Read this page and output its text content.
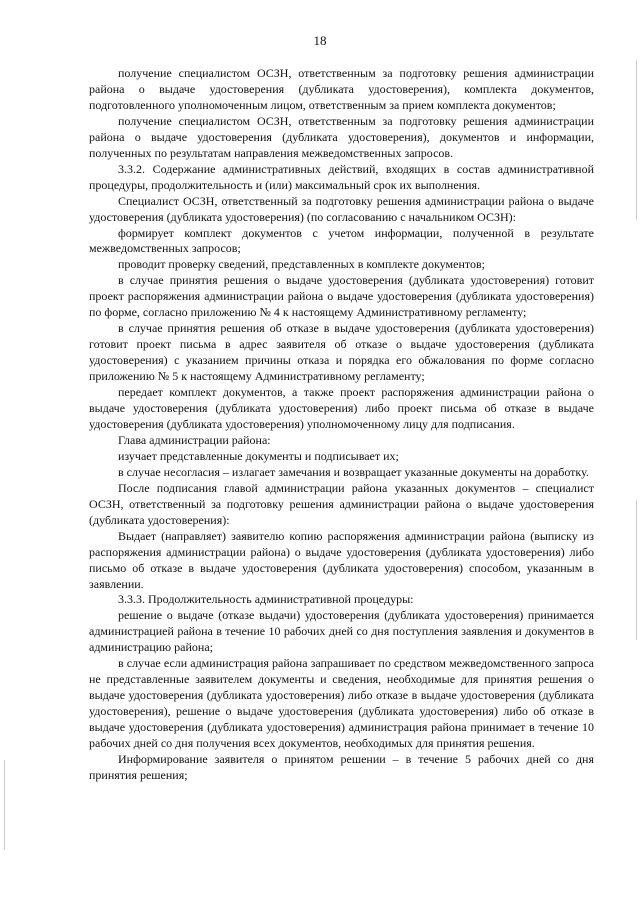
18

получение специалистом ОСЗН, ответственным за подготовку решения администрации района о выдаче удостоверения (дубликата удостоверения), комплекта документов, подготовленного уполномоченным лицом, ответственным за прием комплекта документов;

получение специалистом ОСЗН, ответственным за подготовку решения администрации района о выдаче удостоверения (дубликата удостоверения), документов и информации, полученных по результатам направления межведомственных запросов.

3.3.2. Содержание административных действий, входящих в состав административной процедуры, продолжительность и (или) максимальный срок их выполнения.

Специалист ОСЗН, ответственный за подготовку решения администрации района о выдаче удостоверения (дубликата удостоверения) (по согласованию с начальником ОСЗН):

формирует комплект документов с учетом информации, полученной в результате межведомственных запросов;

проводит проверку сведений, представленных в комплекте документов;

в случае принятия решения о выдаче удостоверения (дубликата удостоверения) готовит проект распоряжения администрации района о выдаче удостоверения (дубликата удостоверения) по форме, согласно приложению № 4 к настоящему Административному регламенту;

в случае принятия решения об отказе в выдаче удостоверения (дубликата удостоверения) готовит проект письма в адрес заявителя об отказе о выдаче удостоверения (дубликата удостоверения) с указанием причины отказа и порядка его обжалования по форме согласно приложению № 5 к настоящему Административному регламенту;

передает комплект документов, а также проект распоряжения администрации района о выдаче удостоверения (дубликата удостоверения) либо проект письма об отказе в выдаче удостоверения (дубликата удостоверения) уполномоченному лицу для подписания.

Глава администрации района:

изучает представленные документы и подписывает их;

в случае несогласия – излагает замечания и возвращает указанные документы на доработку.

После подписания главой администрации района указанных документов – специалист ОСЗН, ответственный за подготовку решения администрации района о выдаче удостоверения (дубликата удостоверения):

Выдает (направляет) заявителю копию распоряжения администрации района (выписку из распоряжения администрации района) о выдаче удостоверения (дубликата удостоверения) либо письмо об отказе в выдаче удостоверения (дубликата удостоверения) способом, указанным в заявлении.

3.3.3. Продолжительность административной процедуры:

решение о выдаче (отказе выдачи) удостоверения (дубликата удостоверения) принимается администрацией района в течение 10 рабочих дней со дня поступления заявления и документов в администрацию района;

в случае если администрация района запрашивает по средством межведомственного запроса не представленные заявителем документы и сведения, необходимые для принятия решения о выдаче удостоверения (дубликата удостоверения) либо отказе в выдаче удостоверения (дубликата удостоверения), решение о выдаче удостоверения (дубликата удостоверения) либо об отказе в выдаче удостоверения (дубликата удостоверения) администрация района принимает в течение 10 рабочих дней со дня получения всех документов, необходимых для принятия решения.

Информирование заявителя о принятом решении – в течение 5 рабочих дней со дня принятия решения;
